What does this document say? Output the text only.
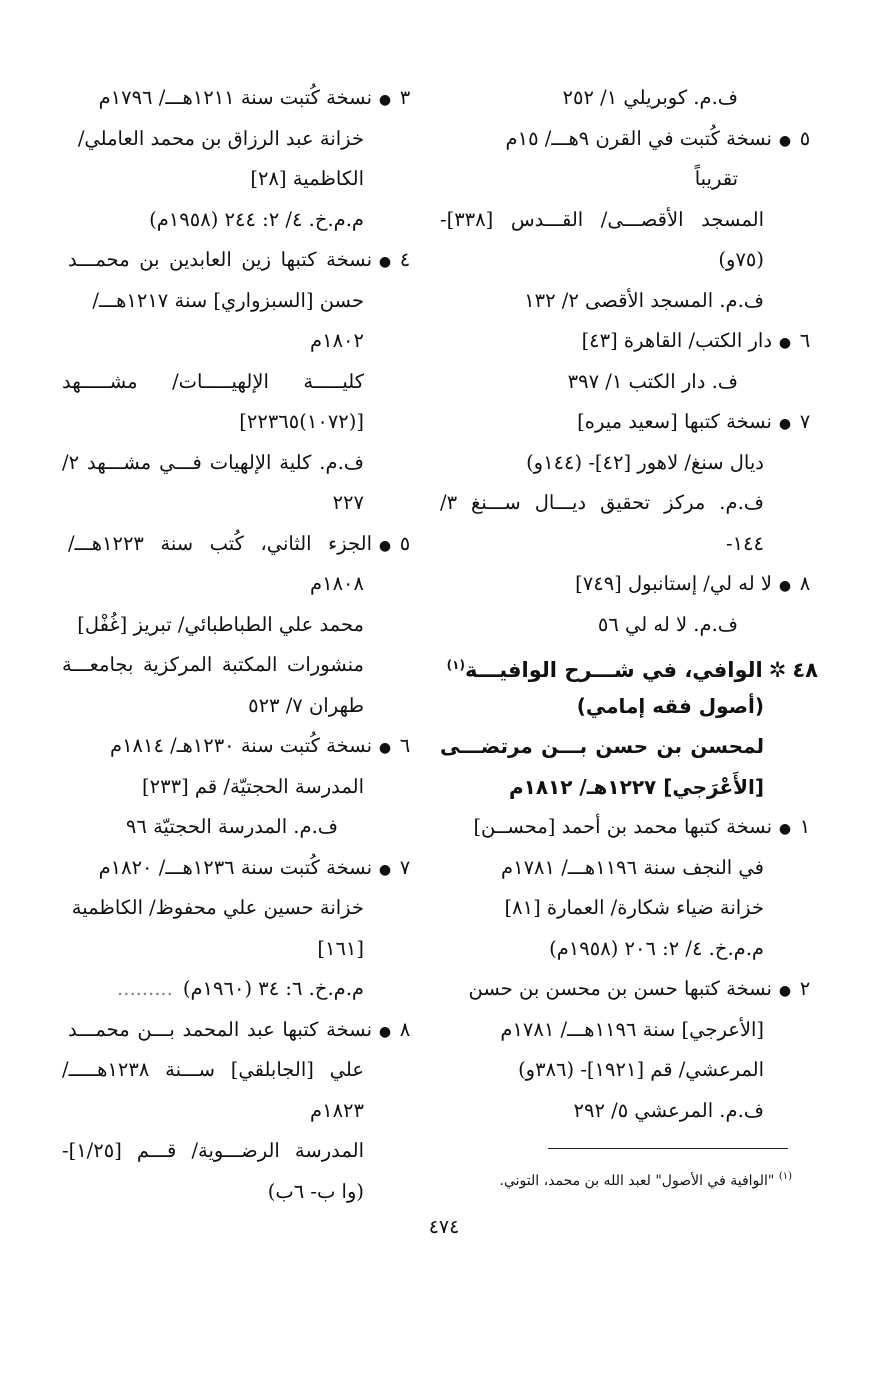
ف.م. كوبريلي ١/ ٢٥٢
٥●نسخة كُتبت في القرن ٩هـــ/ ١٥م
تقريباً
المسجد الأقصـــى/ القـــدس [٣٣٨]-
(٧٥و)
ف.م. المسجد الأقصى ٢/ ١٣٢
٦●دار الكتب/ القاهرة [٤٣]
ف. دار الكتب ١/ ٣٩٧
٧●نسخة كتبها [سعيد ميره]
ديال سنغ/ لاهور [٤٢]- (١٤٤و)
ف.م. مركز تحقيق ديـــال ســـنغ ٣/
١٤٤-
٨●لا له لي/ إستانبول [٧٤٩]
ف.م. لا له لي ٥٦
٤٨✲الوافي، في شـــرح الوافيـــة$^{(١)}$
(أصول فقه إمامي)
لمحسن بن حسن بـــن مرتضـــى
[الأَعْرَجي] ١٢٢٧هـ/ ١٨١٢م
١●نسخة كتبها محمد بن أحمد [محســن]
في النجف سنة ١١٩٦هـــ/ ١٧٨١م
خزانة ضياء شكارة/ العمارة [٨١]
م.م.خ. ٤/ ٢: ٢٠٦ (١٩٥٨م)
٢●نسخة كتبها حسن بن محسن بن حسن
[الأعرجي] سنة ١١٩٦هـــ/ ١٧٨١م
المرعشي/ قم [١٩٢١]- (٣٨٦و)
ف.م. المرعشي ٥/ ٢٩٢
٣●نسخة كُتبت سنة ١٢١١هـــ/ ١٧٩٦م
خزانة عبد الرزاق بن محمد العاملي/
الكاظمية [٢٨]
م.م.خ. ٤/ ٢: ٢٤٤ (١٩٥٨م)
٤●نسخة كتبها زين العابدين بن محمـــد
حسن [السبزواري] سنة ١٢١٧هـــ/
١٨٠٢م
كليـــــة الإلهيـــــات/ مشـــــهد
[(١٠٧٢)٢٢٣٦٥]
ف.م. كلية الإلهيات فـــي مشـــهد ٢/
٢٢٧
٥●الجزء الثاني، كُتب سنة ١٢٢٣هـــ/
١٨٠٨م
محمد علي الطباطبائي/ تبريز [غُفْل]
منشورات المكتبة المركزية بجامعـــة
طهران ٧/ ٥٢٣
٦●نسخة كُتبت سنة ١٢٣٠هـ/ ١٨١٤م
المدرسة الحجتيّة/ قم [٢٣٣]
ف.م. المدرسة الحجتيّة ٩٦
٧●نسخة كُتبت سنة ١٢٣٦هـــ/ ١٨٢٠م
خزانة حسين علي محفوظ/ الكاظمية
[١٦١]
م.م.خ. ٦: ٣٤ (١٩٦٠م).........
٨●نسخة كتبها عبد المحمد بـــن محمـــد
علي [الجابلقي] ســـنة ١٢٣٨هـــــ/
١٨٢٣م
المدرسة الرضـــوية/ قـــم [١/٢٥]-
(وا ب- ٦ب)
$^{(١)}$ "الوافية في الأصول" لعبد الله بن محمد، التوني.
٤٧٤
